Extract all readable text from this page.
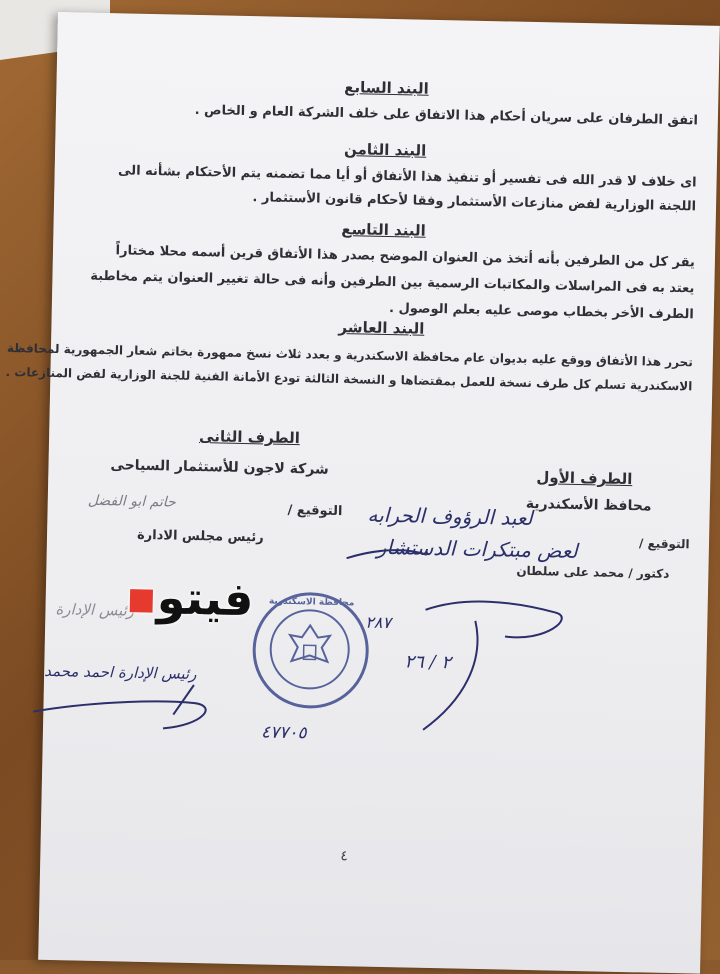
البند السابع
اتفق الطرفان على سريان أحكام هذا الاتفاق على خلف الشركة العام و الخاص .
البند الثامن
اى خلاف لا قدر الله فى تفسير أو تنفيذ هذا الأتفاق أو أيا مما تضمنه يتم الأحتكام بشأنه الى
اللجنة الوزارية لفض منازعات الأستثمار وفقا لأحكام قانون الأستثمار .
البند التاسع
يقر كل من الطرفين بأنه أتخذ من العنوان الموضح بصدر هذا الأتفاق قرين أسمه محلا مختاراً
يعتد به فى المراسلات والمكاتبات الرسمية بين الطرفين وأنه فى حالة تغيير العنوان يتم مخاطبة
الطرف الأخر بخطاب موصى عليه بعلم الوصول .
البند العاشر
تحرر هذا الأتفاق ووقع عليه بديوان عام محافظة الاسكندرية و بعدد ثلاث نسخ ممهورة بخاتم شعار الجمهورية لمحافظة
الاسكندرية تسلم كل طرف نسخة للعمل بمقتضاها و النسخة الثالثة تودع الأمانة الفنية للجنة الوزارية لفض المنازعات .
الطرف الثانى
شركة لاجون للأستثمار السياحى
التوقيع /
حاتم ابو الفضل
رئيس مجلس الادارة
الطرف الأول
محافظ الأسكندرية
التوقيع /
لعبد الرؤوف الحرابه
لعض مبتكرات الدستشار
دكتور / محمد على سلطان
رئيس الإدارة
رئيس الإدارة احمد محمد
٢٨٧
٢ / ٢٦
٤٧٧٠٥
محافظة الاسكندرية
فيتو▪
٤
